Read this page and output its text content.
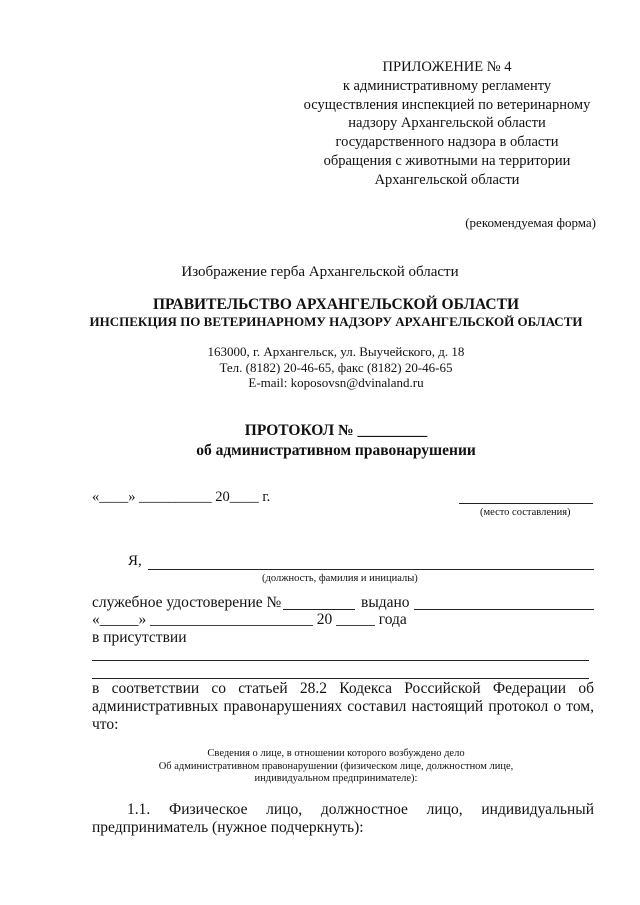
ПРИЛОЖЕНИЕ № 4
к административному регламенту
осуществления инспекцией по ветеринарному
надзору Архангельской области
государственного надзора в области
обращения с животными на территории
Архангельской области
(рекомендуемая форма)
Изображение герба Архангельской области
ПРАВИТЕЛЬСТВО АРХАНГЕЛЬСКОЙ ОБЛАСТИ
ИНСПЕКЦИЯ ПО ВЕТЕРИНАРНОМУ НАДЗОРУ АРХАНГЕЛЬСКОЙ ОБЛАСТИ
163000, г. Архангельск, ул. Выучейского, д. 18
Тел. (8182) 20-46-65, факс (8182) 20-46-65
E-mail: koposovsn@dvinaland.ru
ПРОТОКОЛ № _________
об административном правонарушении
«____» __________ 20____ г.
(место составления)
Я,
(должность, фамилия и инициалы)
служебное удостоверение №	выдано
«_____» _____________________ 20 _____ года
в присутствии
в соответствии со статьей 28.2 Кодекса Российской Федерации об
административных правонарушениях составил настоящий протокол о том,
что:
Сведения о лице, в отношении которого возбуждено дело
Об административном правонарушении (физическом лице, должностном лице,
индивидуальном предпринимателе):
1.1. Физическое лицо, должностное лицо, индивидуальный
предприниматель (нужное подчеркнуть):
